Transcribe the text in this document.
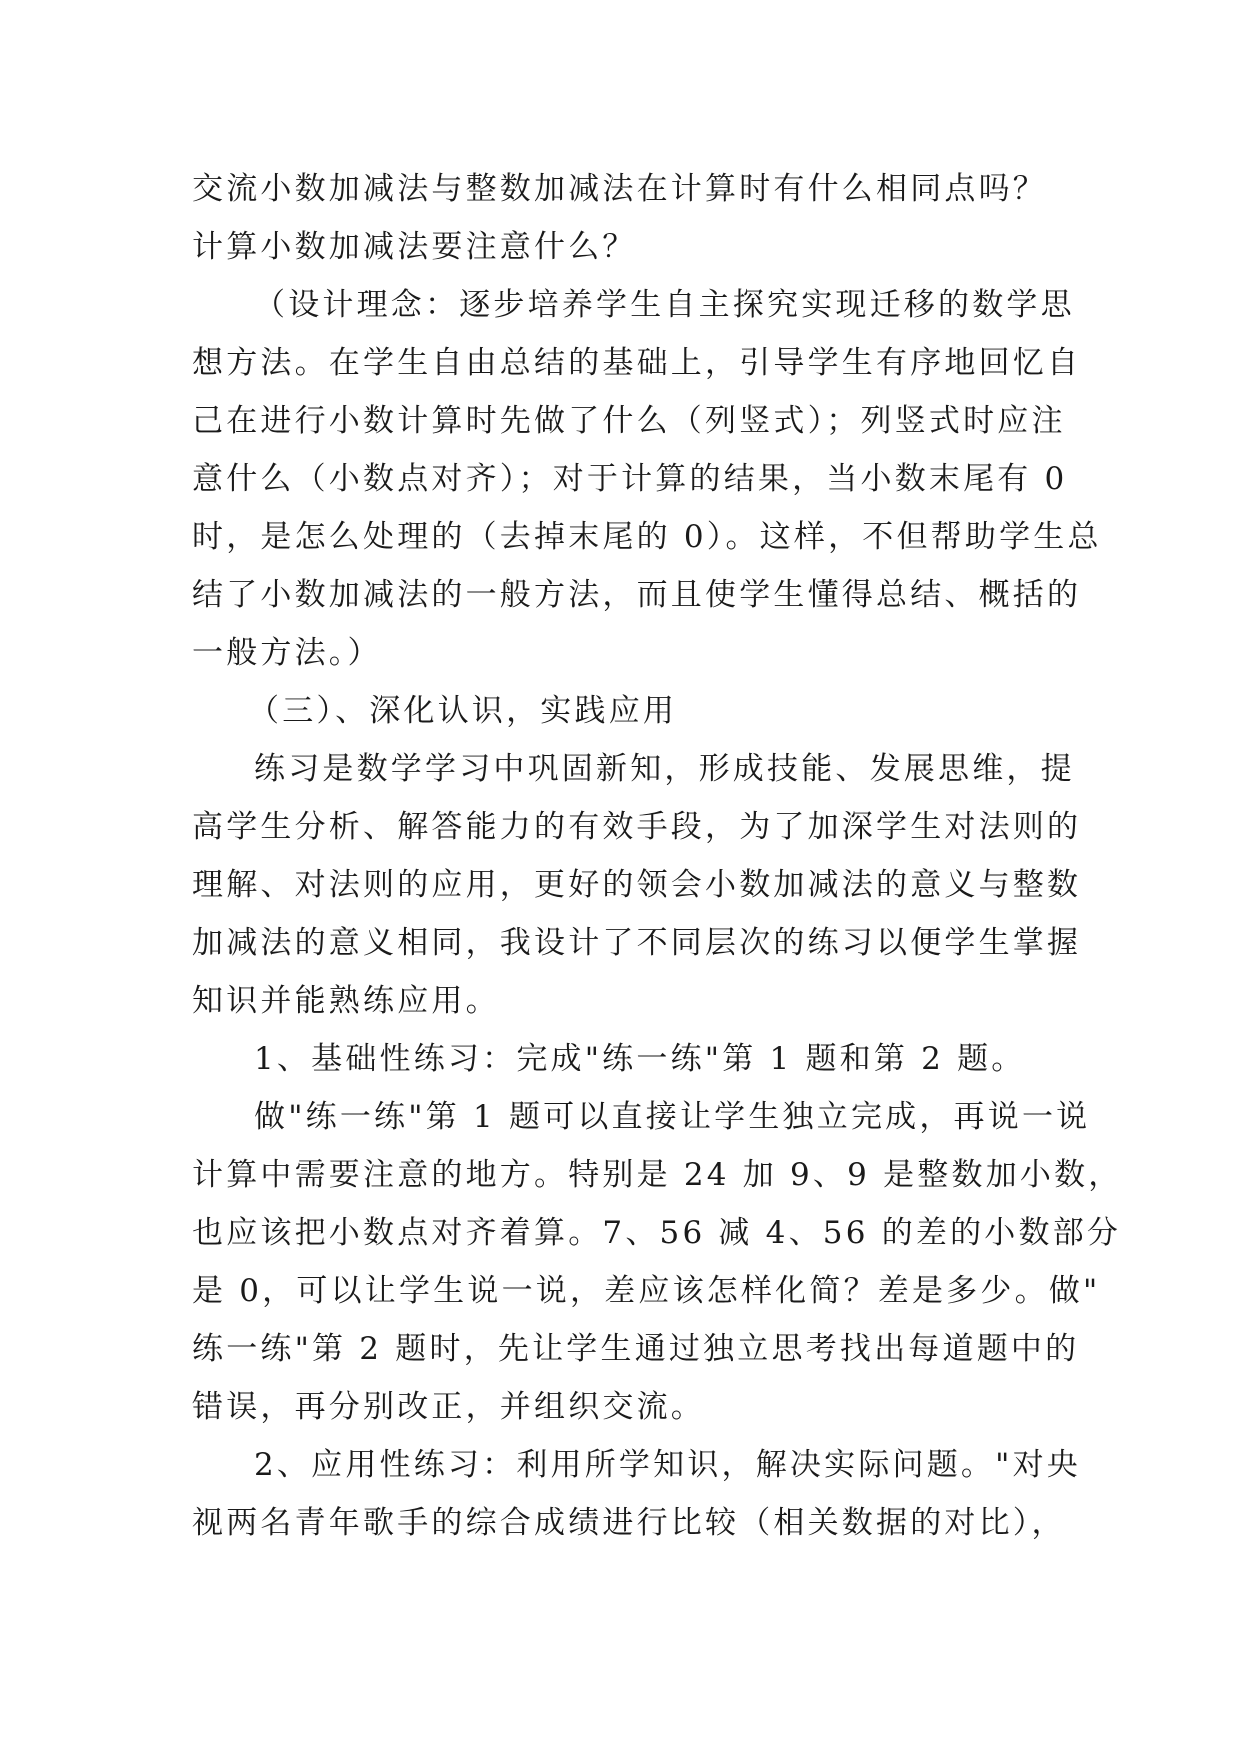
交流小数加减法与整数加减法在计算时有什么相同点吗？

计算小数加减法要注意什么？

（设计理念：逐步培养学生自主探究实现迁移的数学思

想方法。在学生自由总结的基础上，引导学生有序地回忆自

己在进行小数计算时先做了什么（列竖式）；列竖式时应注

意什么（小数点对齐）；对于计算的结果，当小数末尾有 0

时，是怎么处理的（去掉末尾的 0）。这样，不但帮助学生总

结了小数加减法的一般方法，而且使学生懂得总结、概括的

一般方法。）

（三）、深化认识，实践应用

练习是数学学习中巩固新知，形成技能、发展思维，提

高学生分析、解答能力的有效手段，为了加深学生对法则的

理解、对法则的应用，更好的领会小数加减法的意义与整数

加减法的意义相同，我设计了不同层次的练习以便学生掌握

知识并能熟练应用。

1、基础性练习：完成"练一练"第 1 题和第 2 题。

做"练一练"第 1 题可以直接让学生独立完成，再说一说

计算中需要注意的地方。特别是 24 加 9、9 是整数加小数，

也应该把小数点对齐着算。7、56 减 4、56 的差的小数部分

是 0，可以让学生说一说，差应该怎样化简？差是多少。做"

练一练"第 2 题时，先让学生通过独立思考找出每道题中的

错误，再分别改正，并组织交流。

2、应用性练习：利用所学知识，解决实际问题。"对央

视两名青年歌手的综合成绩进行比较（相关数据的对比），
